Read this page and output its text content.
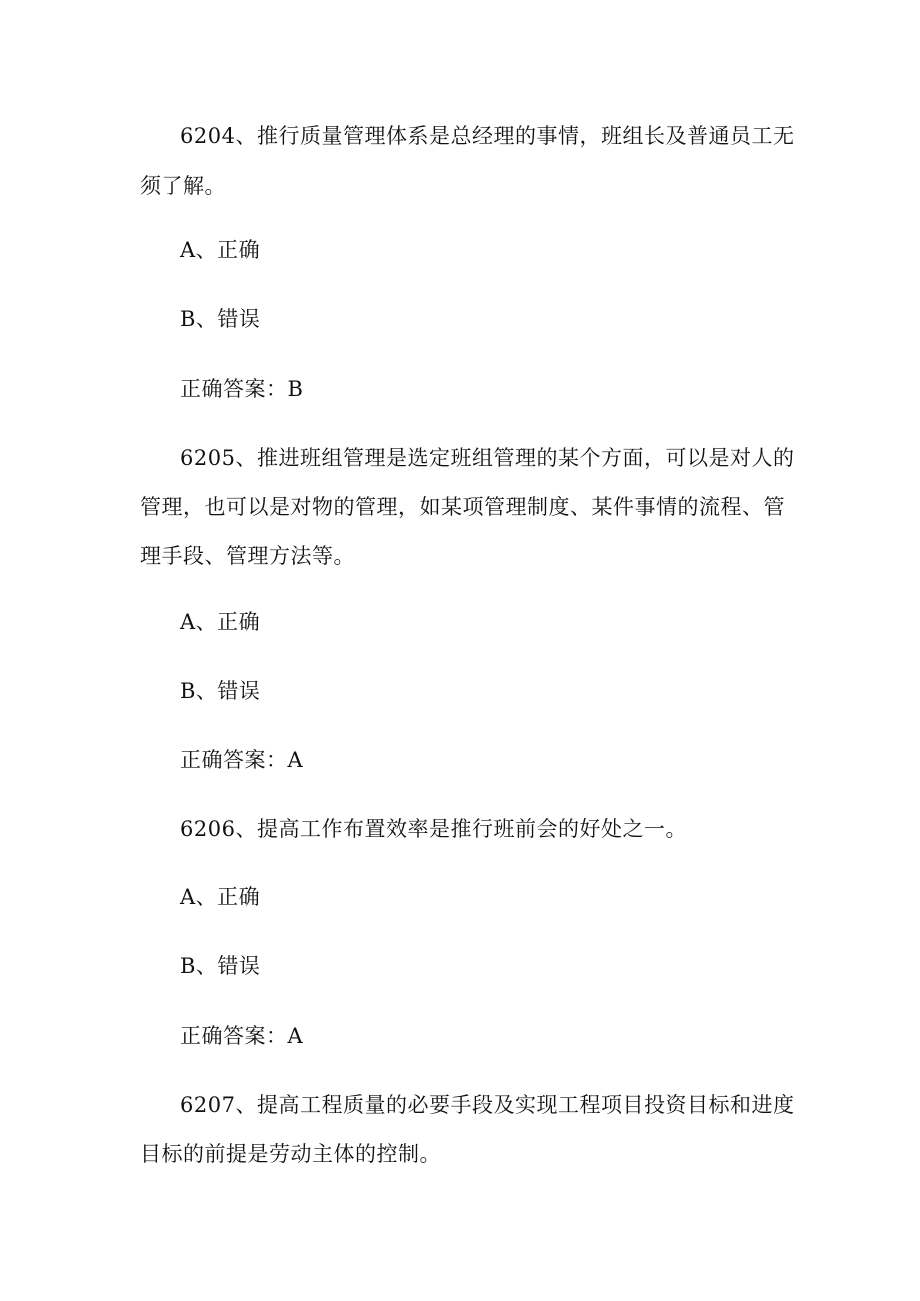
6204、推行质量管理体系是总经理的事情，班组长及普通员工无
须了解。
A、正确
B、错误
正确答案：B
6205、推进班组管理是选定班组管理的某个方面，可以是对人的
管理，也可以是对物的管理，如某项管理制度、某件事情的流程、管
理手段、管理方法等。
A、正确
B、错误
正确答案：A
6206、提高工作布置效率是推行班前会的好处之一。
A、正确
B、错误
正确答案：A
6207、提高工程质量的必要手段及实现工程项目投资目标和进度
目标的前提是劳动主体的控制。
